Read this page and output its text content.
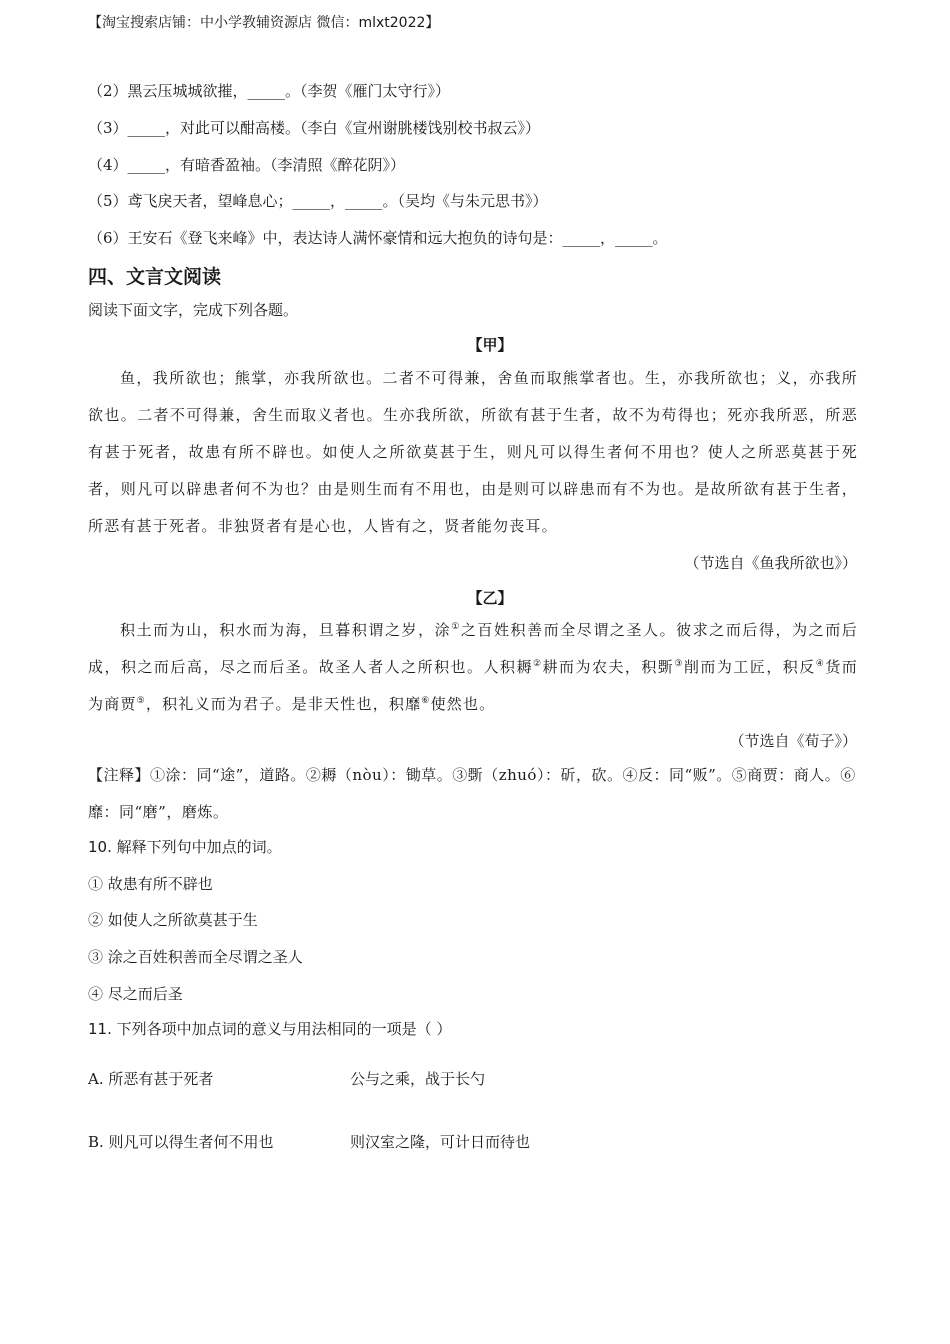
【淘宝搜索店铺：中小学教辅资源店 微信：mlxt2022】
（2）黑云压城城欲摧，_____。（李贺《雁门太守行》）
（3）_____，对此可以酣高楼。（李白《宣州谢朓楼饯别校书叔云》）
（4）_____，有暗香盈袖。（李清照《醉花阴》）
（5）鸢飞戾天者，望峰息心；_____，_____。（吴均《与朱元思书》）
（6）王安石《登飞来峰》中，表达诗人满怀豪情和远大抱负的诗句是：_____，_____。
四、文言文阅读
阅读下面文字，完成下列各题。
【甲】

鱼，我所欲也；熊掌，亦我所欲也。二者不可得兼，舍鱼而取熊掌者也。生，亦我所欲也；义，亦我所欲也。二者不可得兼，舍生而取义者也。生亦我所欲，所欲有甚于生者，故不为苟得也；死亦我所恶，所恶有甚于死者，故患有所不辟也。如使人之所欲莫甚于生，则凡可以得生者何不用也？使人之所恶莫甚于死者，则凡可以辟患者何不为也？由是则生而有不用也，由是则可以辟患而有不为也。是故所欲有甚于生者，所恶有甚于死者。非独贤者有是心也，人皆有之，贤者能勿丧耳。

（节选自《鱼我所欲也》）
【乙】

积土而为山，积水而为海，旦暮积谓之岁，涂①之百姓积善而全尽谓之圣人。彼求之而后得，为之而后成，积之而后高，尽之而后圣。故圣人者人之所积也。人积耨②耕而为农夫，积斲③削而为工匠，积反④货而为商贾⑤，积礼义而为君子。是非天性也，积靡⑥使然也。

（节选自《荀子》）
【注释】①涂：同“途”，道路。②耨（nòu）：锄草。③斲（zhuó）：斫，砍。④反：同“贩”。⑤商贾：商人。⑥靡：同“磨”，磨炼。
10. 解释下列句中加点的词。
① 故患有所不辟也
② 如使人之所欲莫甚于生
③ 涂之百姓积善而全尽谓之圣人
④ 尽之而后圣
11. 下列各项中加点词的意义与用法相同的一项是（ ）
A. 所恶有甚于死者	公与之乘，战于长勺
B. 则凡可以得生者何不用也	则汉室之隆，可计日而待也
